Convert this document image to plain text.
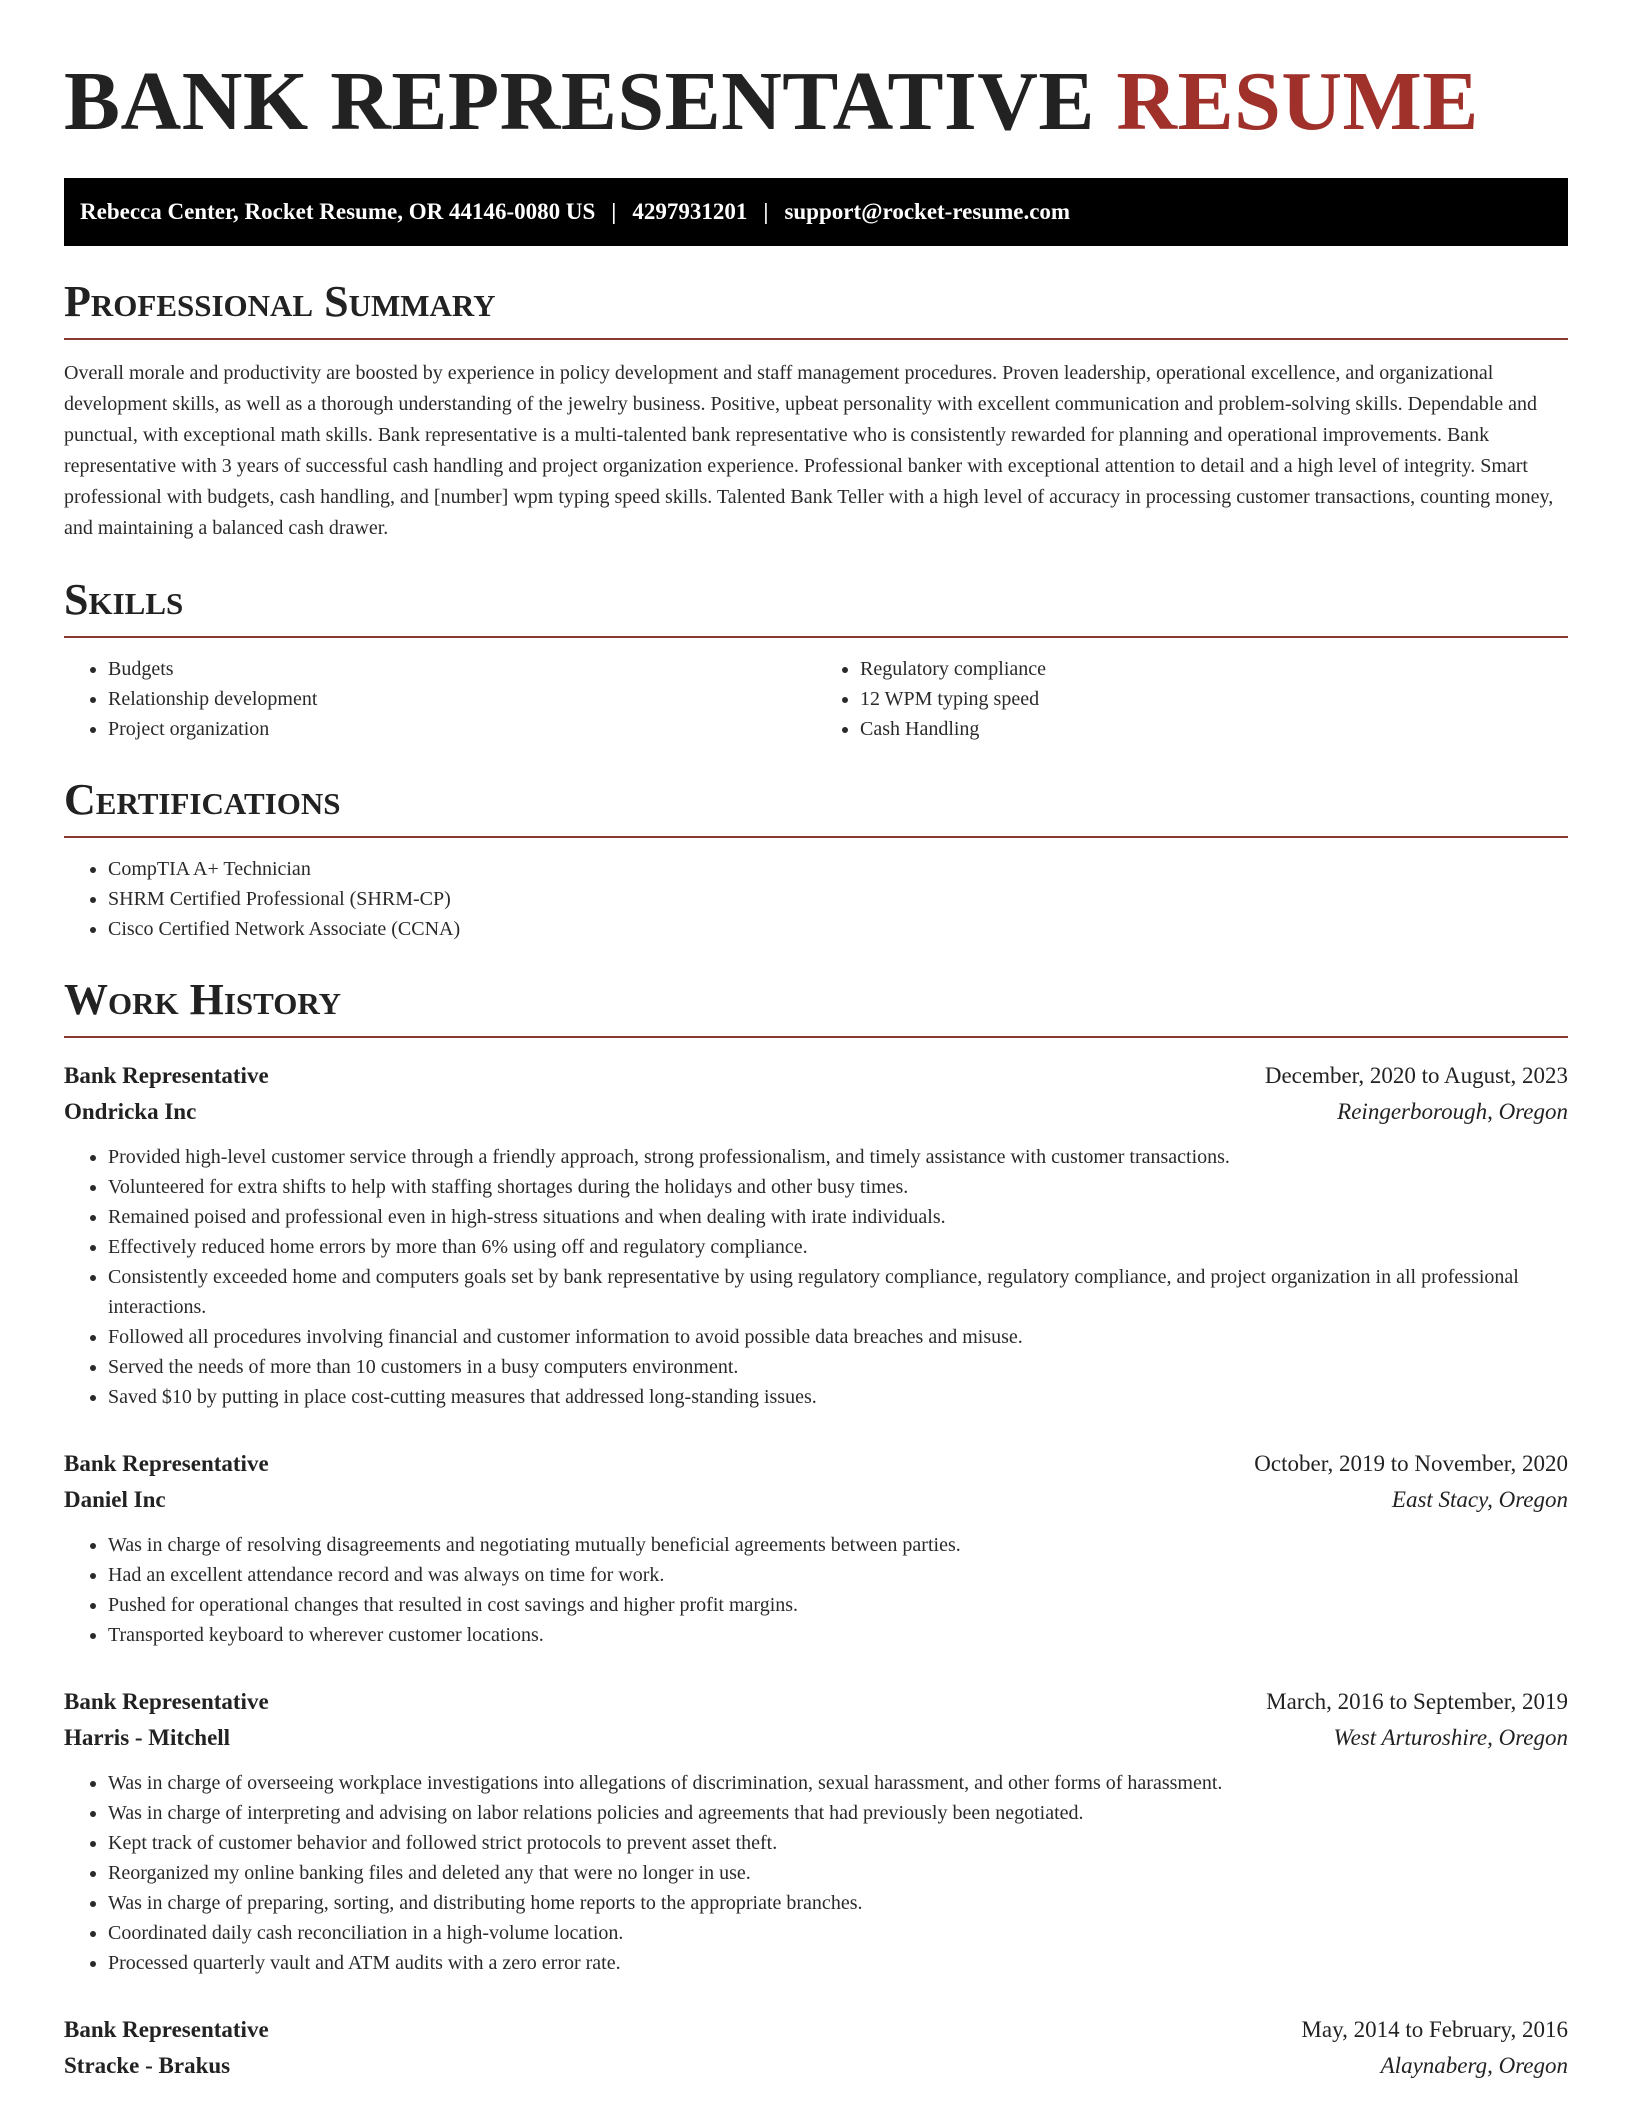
BANK REPRESENTATIVE RESUME
Rebecca Center, Rocket Resume, OR 44146-0080 US | 4297931201 | support@rocket-resume.com
Professional Summary

Overall morale and productivity are boosted by experience in policy development and staff management procedures. Proven leadership, operational excellence, and organizational development skills, as well as a thorough understanding of the jewelry business. Positive, upbeat personality with excellent communication and problem-solving skills. Dependable and punctual, with exceptional math skills. Bank representative is a multi-talented bank representative who is consistently rewarded for planning and operational improvements. Bank representative with 3 years of successful cash handling and project organization experience. Professional banker with exceptional attention to detail and a high level of integrity. Smart professional with budgets, cash handling, and [number] wpm typing speed skills. Talented Bank Teller with a high level of accuracy in processing customer transactions, counting money, and maintaining a balanced cash drawer.

Skills
• Budgets
• Relationship development
• Project organization
• Regulatory compliance
• 12 WPM typing speed
• Cash Handling
Certifications
• CompTIA A+ Technician
• SHRM Certified Professional (SHRM-CP)
• Cisco Certified Network Associate (CCNA)
Work History
Bank Representative	December, 2020 to August, 2023
Ondricka Inc	Reingerborough, Oregon
• Provided high-level customer service through a friendly approach, strong professionalism, and timely assistance with customer transactions.
• Volunteered for extra shifts to help with staffing shortages during the holidays and other busy times.
• Remained poised and professional even in high-stress situations and when dealing with irate individuals.
• Effectively reduced home errors by more than 6% using off and regulatory compliance.
• Consistently exceeded home and computers goals set by bank representative by using regulatory compliance, regulatory compliance, and project organization in all professional interactions.
• Followed all procedures involving financial and customer information to avoid possible data breaches and misuse.
• Served the needs of more than 10 customers in a busy computers environment.
• Saved $10 by putting in place cost-cutting measures that addressed long-standing issues.
Bank Representative	October, 2019 to November, 2020
Daniel Inc	East Stacy, Oregon
• Was in charge of resolving disagreements and negotiating mutually beneficial agreements between parties.
• Had an excellent attendance record and was always on time for work.
• Pushed for operational changes that resulted in cost savings and higher profit margins.
• Transported keyboard to wherever customer locations.
Bank Representative	March, 2016 to September, 2019
Harris - Mitchell	West Arturoshire, Oregon
• Was in charge of overseeing workplace investigations into allegations of discrimination, sexual harassment, and other forms of harassment.
• Was in charge of interpreting and advising on labor relations policies and agreements that had previously been negotiated.
• Kept track of customer behavior and followed strict protocols to prevent asset theft.
• Reorganized my online banking files and deleted any that were no longer in use.
• Was in charge of preparing, sorting, and distributing home reports to the appropriate branches.
• Coordinated daily cash reconciliation in a high-volume location.
• Processed quarterly vault and ATM audits with a zero error rate.
Bank Representative	May, 2014 to February, 2016
Stracke - Brakus	Alaynaberg, Oregon
